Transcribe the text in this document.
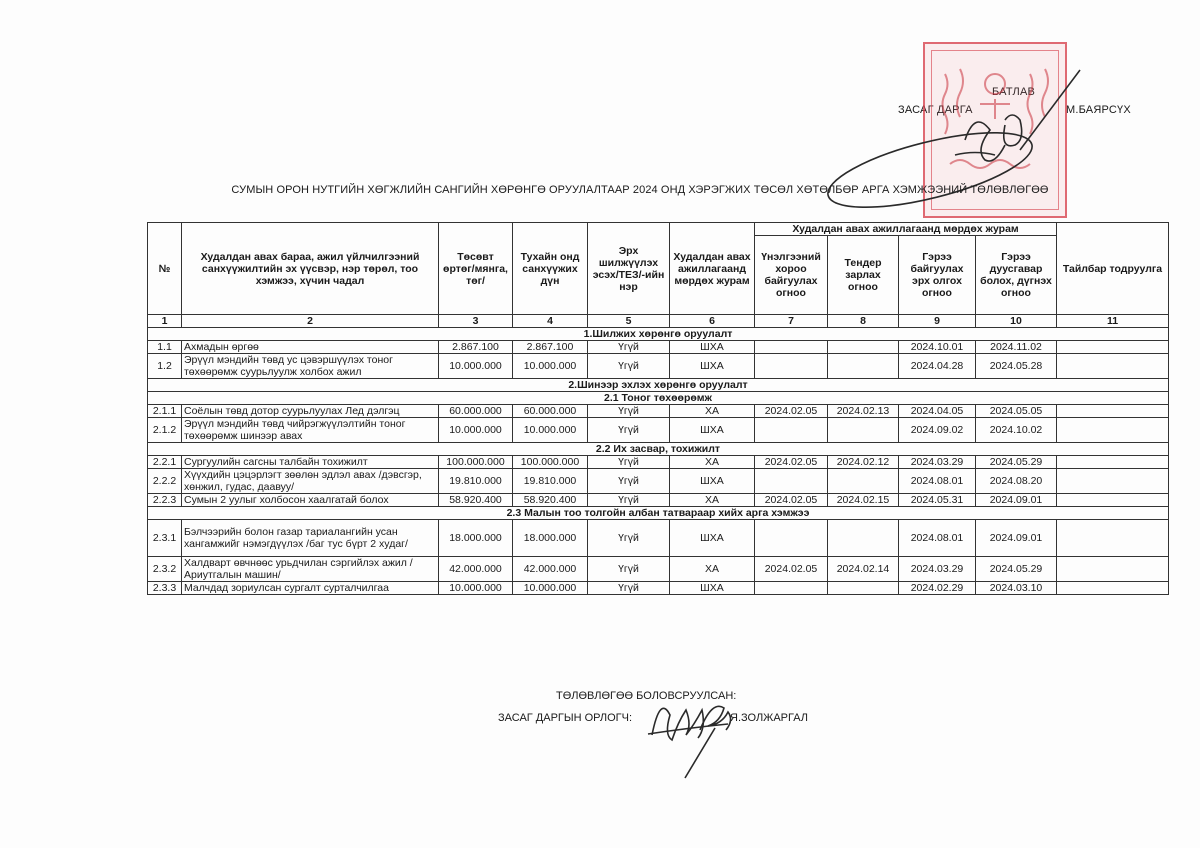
БАТЛАВ
ЗАСАГ ДАРГА	М.БАЯРСҮХ
СУМЫН ОРОН НУТГИЙН ХӨГЖЛИЙН САНГИЙН ХӨРӨНГӨ ОРУУЛАЛТААР 2024 ОНД ХЭРЭГЖИХ ТӨСӨЛ ХӨТӨЛБӨР АРГА ХЭМЖЭЭНИЙ ТӨЛӨВЛӨГӨӨ
№	Худалдан авах бараа, ажил үйлчилгээний санхүүжилтийн эх үүсвэр, нэр төрөл, тоо хэмжээ, хүчин чадал	Төсөвт өртөг/мянга, төг/	Тухайн онд санхүүжих дүн	Эрх шилжүүлэх эсэх/ТЕЗ/-ийн нэр	Худалдан авах ажиллагаанд мөрдөх журам	Худалдан авах ажиллагаанд мөрдөх журам				Тайлбар тодруулга
						Үнэлгээний хороо байгуулах огноо	Тендер зарлах огноо	Гэрээ байгуулах эрх олгох огноо	Гэрээ дуусгавар болох, дүгнэх огноо	
1	2	3	4	5	6	7	8	9	10	11
1.Шилжих хөрөнгө оруулалт										
1.1	Ахмадын өргөө	2.867.100	2.867.100	Үгүй	ШХА			2024.10.01	2024.11.02	
1.2	Эрүүл мэндийн төвд ус цэвэршүүлэх тоног төхөөрөмж суурьлуулж холбох ажил	10.000.000	10.000.000	Үгүй	ШХА			2024.04.28	2024.05.28	
2.Шинээр эхлэх хөрөнгө оруулалт										
2.1 Тоног төхөөрөмж										
2.1.1	Соёлын төвд дотор суурьлуулах Лед дэлгэц	60.000.000	60.000.000	Үгүй	ХА	2024.02.05	2024.02.13	2024.04.05	2024.05.05	
2.1.2	Эрүүл мэндийн төвд чийрэгжүүлэлтийн тоног төхөөрөмж шинээр авах	10.000.000	10.000.000	Үгүй	ШХА			2024.09.02	2024.10.02	
2.2 Их засвар, тохижилт										
2.2.1	Сургуулийн сагсны талбайн тохижилт	100.000.000	100.000.000	Үгүй	ХА	2024.02.05	2024.02.12	2024.03.29	2024.05.29	
2.2.2	Хүүхдийн цэцэрлэгт зөөлөн эдлэл авах /дэвсгэр, хөнжил, гудас, даавуу/	19.810.000	19.810.000	Үгүй	ШХА			2024.08.01	2024.08.20	
2.2.3	Сумын 2 уулыг холбосон хаалгатай болох	58.920.400	58.920.400	Үгүй	ХА	2024.02.05	2024.02.15	2024.05.31	2024.09.01	
2.3 Малын тоо толгойн албан татвараар хийх арга хэмжээ										
2.3.1	Бэлчээрийн болон газар тариалангийн усан хангамжийг нэмэгдүүлэх /баг тус бүрт 2 худаг/	18.000.000	18.000.000	Үгүй	ШХА			2024.08.01	2024.09.01	
2.3.2	Халдварт өвчнөөс урьдчилан сэргийлэх ажил /Ариутгалын машин/	42.000.000	42.000.000	Үгүй	ХА	2024.02.05	2024.02.14	2024.03.29	2024.05.29	
2.3.3	Малчдад зориулсан сургалт сурталчилгаа	10.000.000	10.000.000	Үгүй	ШХА			2024.02.29	2024.03.10	
ТӨЛӨВЛӨГӨӨ БОЛОВСРУУЛСАН:
ЗАСАГ ДАРГЫН ОРЛОГЧ:	Я.ЗОЛЖАРГАЛ
